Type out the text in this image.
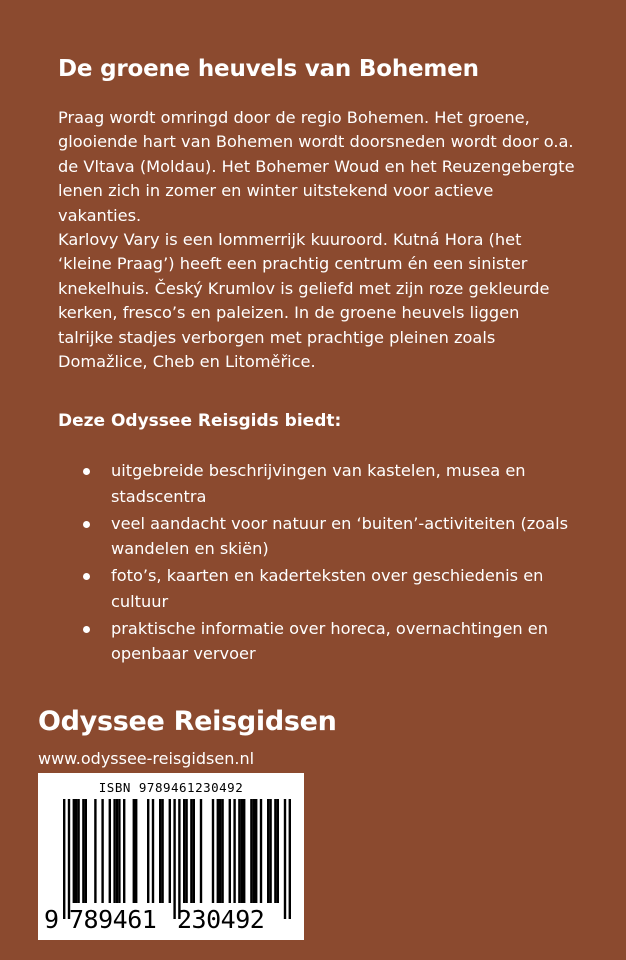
De groene heuvels van Bohemen

Praag wordt omringd door de regio Bohemen. Het groene, glooiende hart van Bohemen wordt doorsneden wordt door o.a. de Vltava (Moldau). Het Bohemer Woud en het Reuzengebergte lenen zich in zomer en winter uitstekend voor actieve vakanties.

Karlovy Vary is een lommerrijk kuuroord. Kutná Hora (het ‘kleine Praag’) heeft een prachtig centrum én een sinister knekelhuis. Český Krumlov is geliefd met zijn roze gekleurde kerken, fresco’s en paleizen. In de groene heuvels liggen talrijke stadjes verborgen met prachtige pleinen zoals Domažlice, Cheb en Litoměřice.

Deze Odyssee Reisgids biedt:
uitgebreide beschrijvingen van kastelen, musea en stadscentra
veel aandacht voor natuur en ‘buiten’-activiteiten (zoals wandelen en skiën)
foto’s, kaarten en kaderteksten over geschiedenis en cultuur
praktische informatie over horeca, overnachtingen en openbaar vervoer
Odyssee Reisgidsen
www.odyssee-reisgidsen.nl
ISBN 9789461230492
9 789461 230492
